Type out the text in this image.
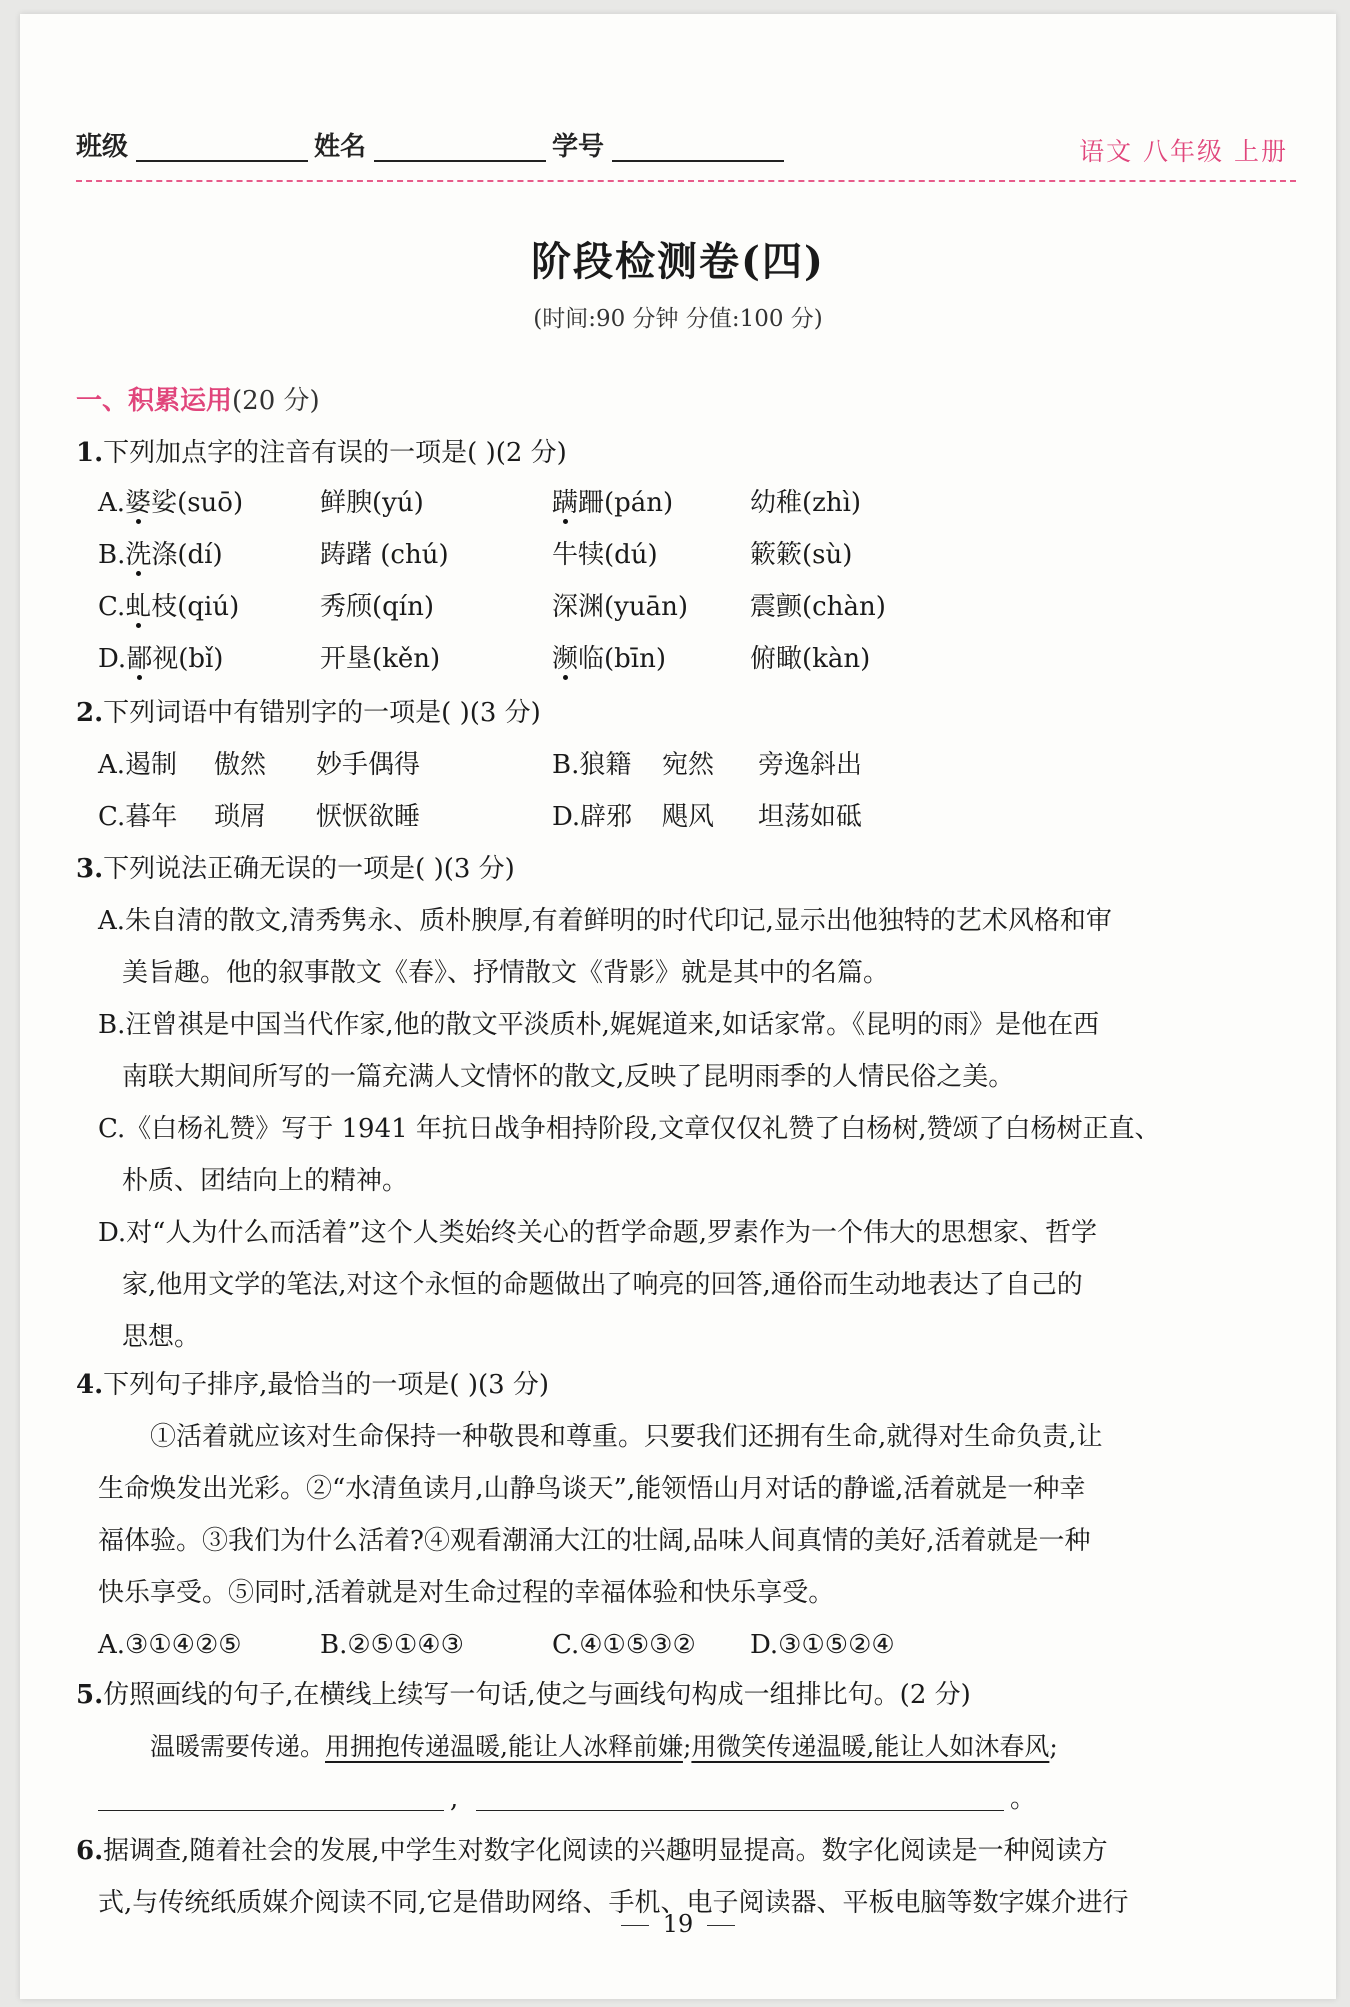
班级	姓名	学号	语文 八年级 上册
阶段检测卷(四)
(时间:90 分钟 分值:100 分)
一、积累运用(20 分)
1.下列加点字的注音有误的一项是( )(2 分)
2.下列词语中有错别字的一项是( )(3 分)
3.下列说法正确无误的一项是( )(3 分)
4.下列句子排序,最恰当的一项是( )(3 分)
5.仿照画线的句子,在横线上续写一句话,使之与画线句构成一组排比句。(2 分)
温暖需要传递。用拥抱传递温暖,能让人冰释前嫌;用微笑传递温暖,能让人如沐春风;
,	。
19
A.婆娑(suō)	鲜腴(yú)	蹒跚(pán)	幼稚(zhì)
B.洗涤(dí)	踌躇 (chú)	牛犊(dú)	簌簌(sù)
C.虬枝(qiú)	秀颀(qín)	深渊(yuān) 震颤(chàn)
D.鄙视(bǐ)	开垦(kěn)	濒临(bīn)	俯瞰(kàn)
A.遏制 傲然 妙手偶得	B.狼籍 宛然 旁逸斜出
C.暮年 琐屑 恹恹欲睡	D.辟邪 飓风 坦荡如砥
A.朱自清的散文,清秀隽永、质朴腴厚,有着鲜明的时代印记,显示出他独特的艺术风格和审
美旨趣。他的叙事散文《春》、抒情散文《背影》就是其中的名篇。
B.汪曾祺是中国当代作家,他的散文平淡质朴,娓娓道来,如话家常。《昆明的雨》是他在西
南联大期间所写的一篇充满人文情怀的散文,反映了昆明雨季的人情民俗之美。
C.《白杨礼赞》写于 1941 年抗日战争相持阶段,文章仅仅礼赞了白杨树,赞颂了白杨树正直、
朴质、团结向上的精神。
D.对“人为什么而活着”这个人类始终关心的哲学命题,罗素作为一个伟大的思想家、哲学
家,他用文学的笔法,对这个永恒的命题做出了响亮的回答,通俗而生动地表达了自己的
思想。
①活着就应该对生命保持一种敬畏和尊重。只要我们还拥有生命,就得对生命负责,让
生命焕发出光彩。②“水清鱼读月,山静鸟谈天”,能领悟山月对话的静谧,活着就是一种幸
福体验。③我们为什么活着?④观看潮涌大江的壮阔,品味人间真情的美好,活着就是一种
快乐享受。⑤同时,活着就是对生命过程的幸福体验和快乐享受。
A.③①④②⑤	B.②⑤①④③	C.④①⑤③② D.③①⑤②④
6.据调查,随着社会的发展,中学生对数字化阅读的兴趣明显提高。数字化阅读是一种阅读方
式,与传统纸质媒介阅读不同,它是借助网络、手机、电子阅读器、平板电脑等数字媒介进行
